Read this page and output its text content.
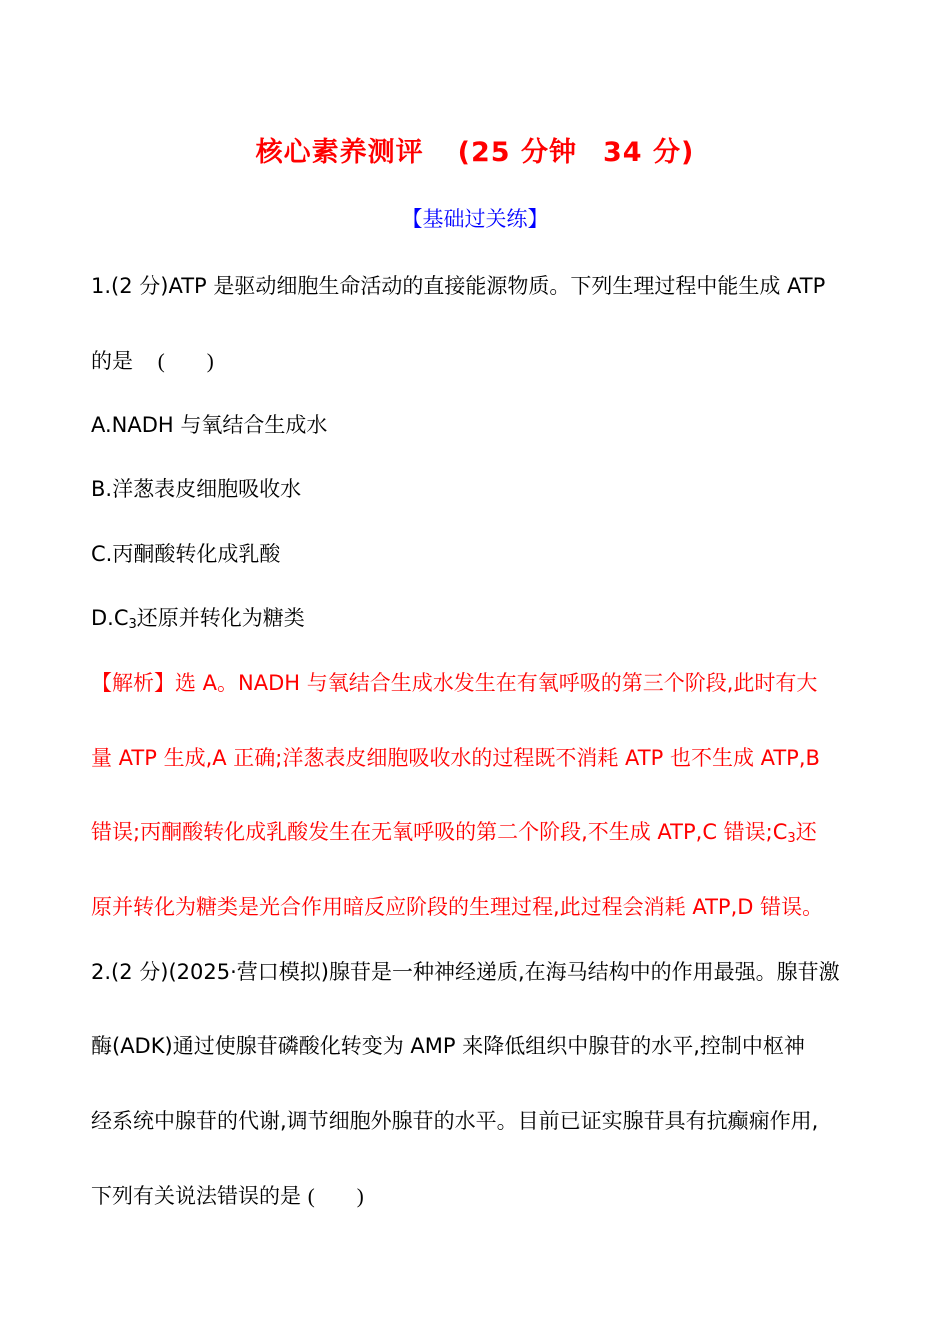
核心素养测评 (25 分钟 34 分)
【基础过关练】
1.(2 分)ATP 是驱动细胞生命活动的直接能源物质。下列生理过程中能生成 ATP
的是 ( )
A.NADH 与氧结合生成水
B.洋葱表皮细胞吸收水
C.丙酮酸转化成乳酸
$D.C_3$还原并转化为糖类
【解析】选 A。NADH 与氧结合生成水发生在有氧呼吸的第三个阶段,此时有大
量 ATP 生成,A 正确;洋葱表皮细胞吸收水的过程既不消耗 ATP 也不生成 ATP,B
错误;丙酮酸转化成乳酸发生在无氧呼吸的第二个阶段,不生成 ATP,C 错误$;C_3$还
原并转化为糖类是光合作用暗反应阶段的生理过程,此过程会消耗 ATP,D 错误。
2.(2 分)(2025·营口模拟)腺苷是一种神经递质,在海马结构中的作用最强。腺苷激
酶(ADK)通过使腺苷磷酸化转变为 AMP 来降低组织中腺苷的水平,控制中枢神
经系统中腺苷的代谢,调节细胞外腺苷的水平。目前已证实腺苷具有抗癫痫作用,
下列有关说法错误的是 ( )
